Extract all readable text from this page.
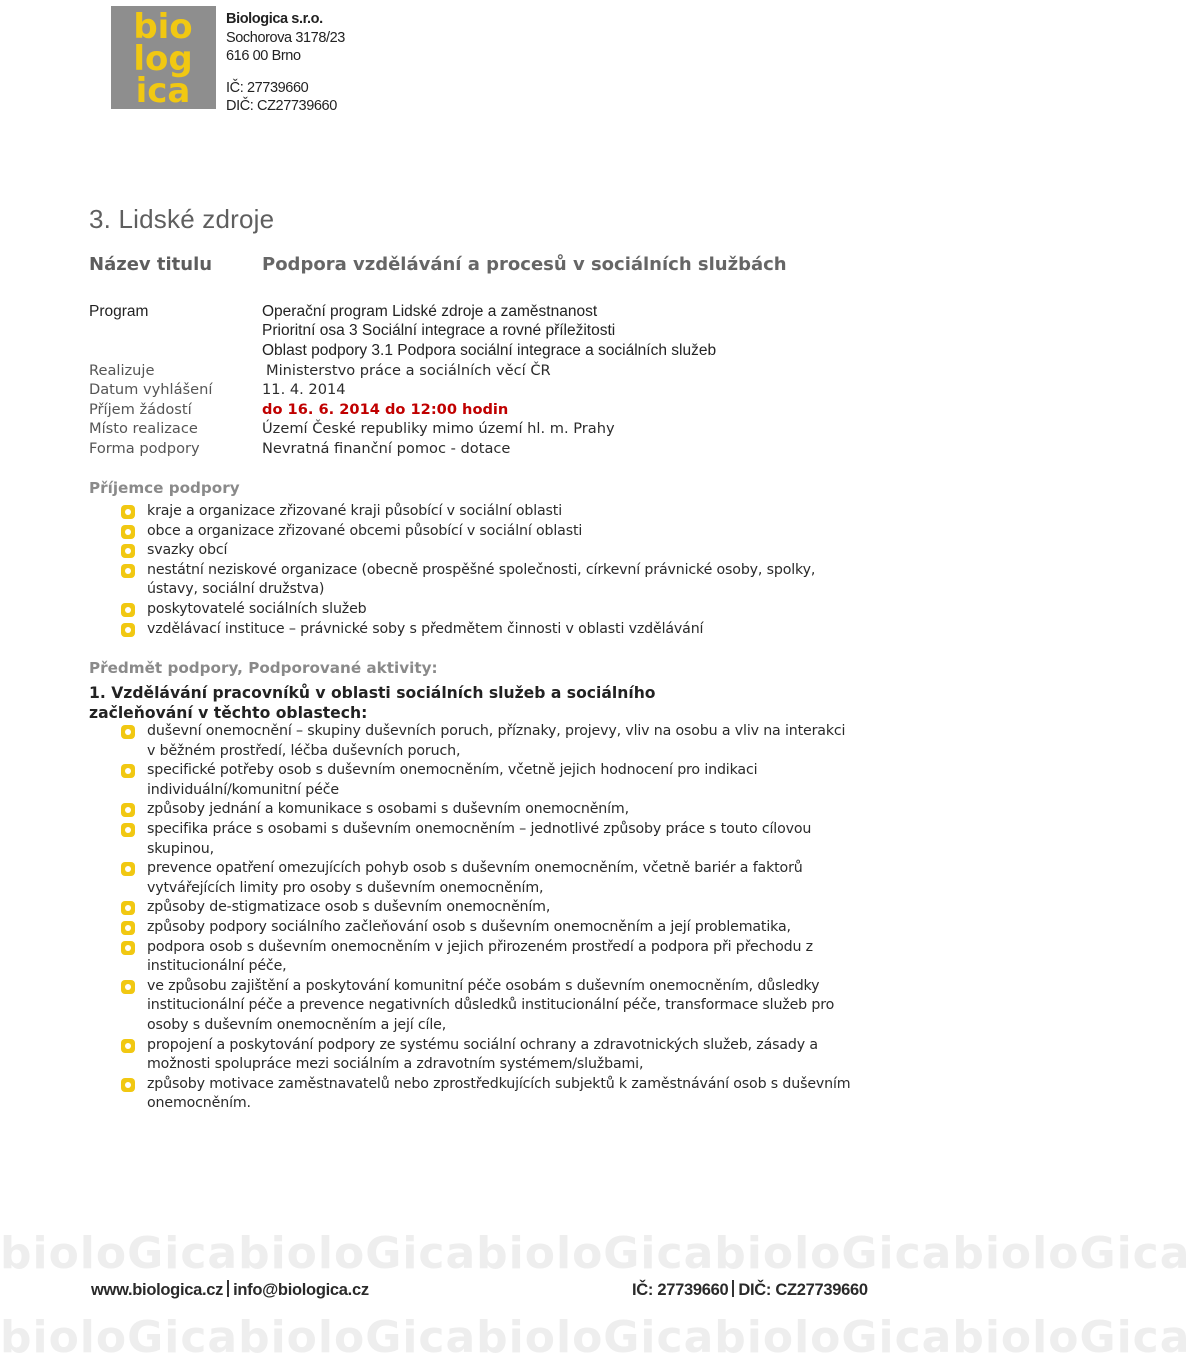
bio
log
ica
Biologica s.r.o.
Sochorova 3178/23
616 00 Brno
IČ: 27739660
DIČ: CZ27739660
3. Lidské zdroje
Název titulu	Podpora vzdělávání a procesů v sociálních službách
Program	Operační program Lidské zdroje a zaměstnanost
Prioritní osa 3 Sociální integrace a rovné příležitosti
Oblast podpory 3.1 Podpora sociální integrace a sociálních služeb
Realizuje	Ministerstvo práce a sociálních věcí ČR
Datum vyhlášení	11. 4. 2014
Příjem žádostí	do 16. 6. 2014 do 12:00 hodin
Místo realizace	Území České republiky mimo území hl. m. Prahy
Forma podpory	Nevratná finanční pomoc - dotace
Příjemce podpory
kraje a organizace zřizované kraji působící v sociální oblasti
obce a organizace zřizované obcemi působící v sociální oblasti
svazky obcí
nestátní neziskové organizace (obecně prospěšné společnosti, církevní právnické osoby, spolky,
ústavy, sociální družstva)
poskytovatelé sociálních služeb
vzdělávací instituce – právnické soby s předmětem činnosti v oblasti vzdělávání
Předmět podpory, Podporované aktivity:
1. Vzdělávání pracovníků v oblasti sociálních služeb a sociálního
začleňování v těchto oblastech:
duševní onemocnění – skupiny duševních poruch, příznaky, projevy, vliv na osobu a vliv na interakci
v běžném prostředí, léčba duševních poruch,
specifické potřeby osob s duševním onemocněním, včetně jejich hodnocení pro indikaci
individuální/komunitní péče
způsoby jednání a komunikace s osobami s duševním onemocněním,
specifika práce s osobami s duševním onemocněním – jednotlivé způsoby práce s touto cílovou
skupinou,
prevence opatření omezujících pohyb osob s duševním onemocněním, včetně bariér a faktorů
vytvářejících limity pro osoby s duševním onemocněním,
způsoby de-stigmatizace osob s duševním onemocněním,
způsoby podpory sociálního začleňování osob s duševním onemocněním a její problematika,
podpora osob s duševním onemocněním v jejich přirozeném prostředí a podpora při přechodu z
institucionální péče,
ve způsobu zajištění a poskytování komunitní péče osobám s duševním onemocněním, důsledky
institucionální péče a prevence negativních důsledků institucionální péče, transformace služeb pro
osoby s duševním onemocněním a její cíle,
propojení a poskytování podpory ze systému sociální ochrany a zdravotnických služeb, zásady a
možnosti spolupráce mezi sociálním a zdravotním systémem/službami,
způsoby motivace zaměstnavatelů nebo zprostředkujících subjektů k zaměstnávání osob s duševním
onemocněním.
bioloGicabioloGicabioloGicabioloGicabioloGica
bioloGicabioloGicabioloGicabioloGicabioloGica
www.biologica.cz info@biologica.cz	IČ: 27739660 DIČ: CZ27739660
